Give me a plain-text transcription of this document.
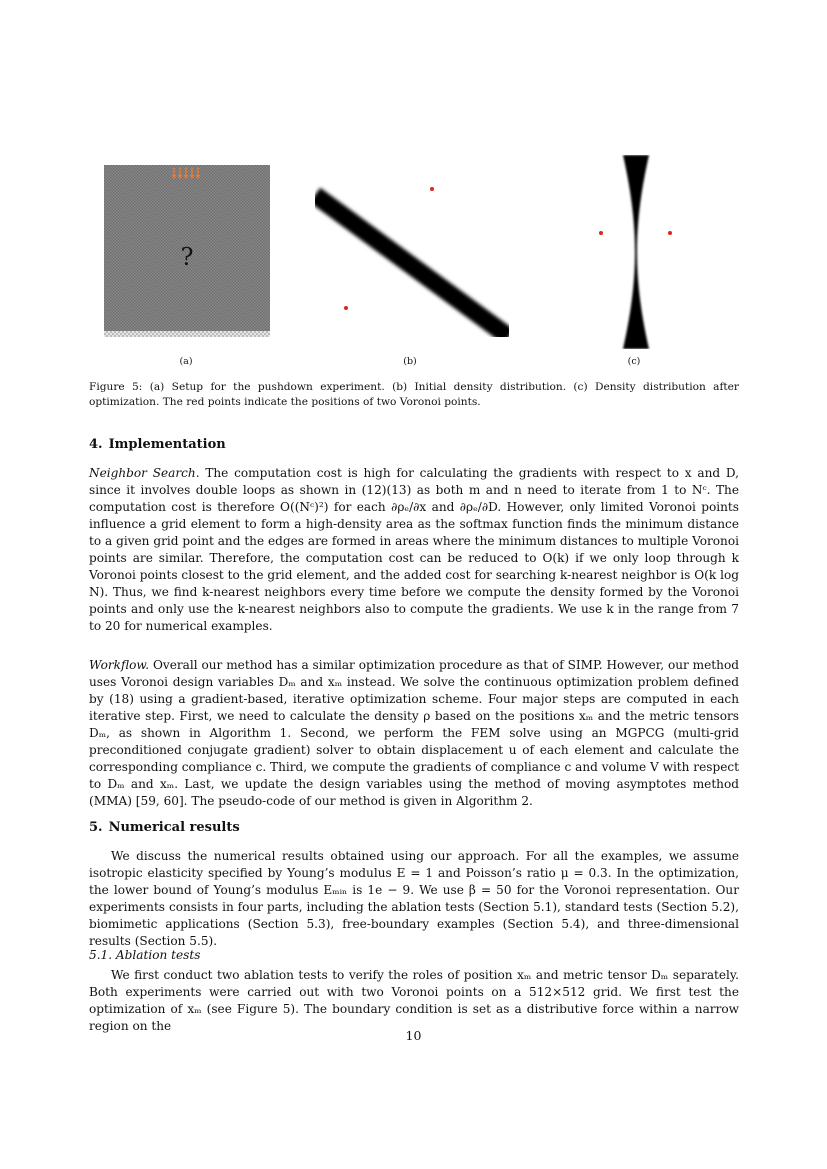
?
(a)	(b)	(c)
Figure 5: (a) Setup for the pushdown experiment. (b) Initial density distribution. (c) Density distribution after optimization. The red points indicate the positions of two Voronoi points.
4. Implementation
Neighbor Search. The computation cost is high for calculating the gradients with respect to x and D, since it involves double loops as shown in (12)(13) as both m and n need to iterate from 1 to Nᶜ. The computation cost is therefore O((Nᶜ)²) for each ∂ρₑ/∂x and ∂ρₑ/∂D. However, only limited Voronoi points influence a grid element to form a high-density area as the softmax function finds the minimum distance to a given grid point and the edges are formed in areas where the minimum distances to multiple Voronoi points are similar. Therefore, the computation cost can be reduced to O(k) if we only loop through k Voronoi points closest to the grid element, and the added cost for searching k-nearest neighbor is O(k log N). Thus, we find k-nearest neighbors every time before we compute the density formed by the Voronoi points and only use the k-nearest neighbors also to compute the gradients. We use k in the range from 7 to 20 for numerical examples.
Workflow. Overall our method has a similar optimization procedure as that of SIMP. However, our method uses Voronoi design variables Dₘ and xₘ instead. We solve the continuous optimization problem defined by (18) using a gradient-based, iterative optimization scheme. Four major steps are computed in each iterative step. First, we need to calculate the density ρ based on the positions xₘ and the metric tensors Dₘ, as shown in Algorithm 1. Second, we perform the FEM solve using an MGPCG (multi-grid preconditioned conjugate gradient) solver to obtain displacement u of each element and calculate the corresponding compliance c. Third, we compute the gradients of compliance c and volume V with respect to Dₘ and xₘ. Last, we update the design variables using the method of moving asymptotes method (MMA) [59, 60]. The pseudo-code of our method is given in Algorithm 2.
5. Numerical results
We discuss the numerical results obtained using our approach. For all the examples, we assume isotropic elasticity specified by Young’s modulus E = 1 and Poisson’s ratio μ = 0.3. In the optimization, the lower bound of Young’s modulus Eₘᵢₙ is 1e − 9. We use β = 50 for the Voronoi representation. Our experiments consists in four parts, including the ablation tests (Section 5.1), standard tests (Section 5.2), biomimetic applications (Section 5.3), free-boundary examples (Section 5.4), and three-dimensional results (Section 5.5).
5.1. Ablation tests
We first conduct two ablation tests to verify the roles of position xₘ and metric tensor Dₘ separately. Both experiments were carried out with two Voronoi points on a 512×512 grid. We first test the optimization of xₘ (see Figure 5). The boundary condition is set as a distributive force within a narrow region on the
10
